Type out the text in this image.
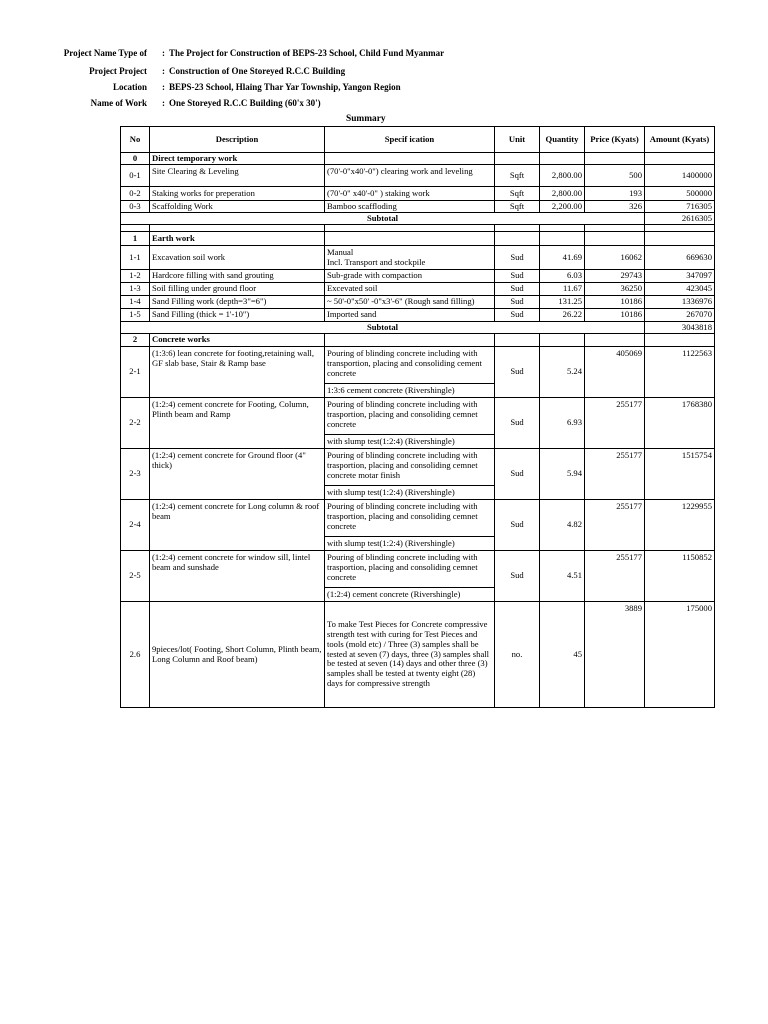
Project Name Type of : The Project for Construction of BEPS-23 School, Child Fund Myanmar
Project Project : Construction of One Storeyed R.C.C Building
Location : BEPS-23 School, Hlaing Thar Yar Township, Yangon Region
Name of Work : One Storeyed R.C.C Building (60'x 30')
Summary
No	Description	Specif ication	Unit	Quantity	Price (Kyats)	Amount (Kyats)
0	Direct temporary work					
0-1	Site Clearing & Leveling	(70'-0"x40'-0") clearing work and leveling	Sqft	2,800.00	500	1400000
0-2	Staking works for preperation	(70'-0" x40'-0" ) staking work	Sqft	2,800.00	193	500000
0-3	Scaffolding Work	Bamboo scaffloding	Sqft	2,200.00	326	716305
Subtotal						2616305

1	Earth work					
1-1	Excavation soil work	Manual
Incl. Transport and stockpile	Sud	41.69	16062	669630
1-2	Hardcore filling with sand grouting	Sub-grade with compaction	Sud	6.03	29743	347097
1-3	Soil filling under ground floor	Excevated soil	Sud	11.67	36250	423045
1-4	Sand Filling work (depth=3"=6")	~ 50'-0"x50' -0"x3'-6" (Rough sand filling)	Sud	131.25	10186	1336976
1-5	Sand Filling (thick = 1'-10")	Imported sand	Sud	26.22	10186	267070
Subtotal						3043818
2	Concrete works					
2-1	(1:3:6) lean concrete for footing,retaining wall, GF slab base, Stair & Ramp base	Pouring of blinding concrete including with transportion, placing and consoliding cement concrete	Sud	5.24	405069	1122563
		1:3:6 cement concrete (Rivershingle)				
2-2	(1:2:4) cement concrete for Footing, Column, Plinth beam and Ramp	Pouring of blinding concrete including with trasportion, placing and consoliding cemnet concrete	Sud	6.93	255177	1768380
		with slump test(1:2:4) (Rivershingle)				
2-3	(1:2:4) cement concrete for Ground floor (4" thick)	Pouring of blinding concrete including with trasportion, placing and consoliding cemnet concrete motar finish	Sud	5.94	255177	1515754
		with slump test(1:2:4) (Rivershingle)				
2-4	(1:2:4) cement concrete for Long column & roof beam	Pouring of blinding concrete including with trasportion, placing and consoliding cemnet concrete	Sud	4.82	255177	1229955
		with slump test(1:2:4) (Rivershingle)				
2-5	(1:2:4) cement concrete for window sill, lintel beam and sunshade	Pouring of blinding concrete including with trasportion, placing and consoliding cemnet concrete	Sud	4.51	255177	1150852
		(1:2:4) cement concrete (Rivershingle)				
2.6	9pieces/lot( Footing, Short Column, Plinth beam, Long Column and Roof beam)	To make Test Pieces for Concrete compressive strength test with curing for Test Pieces and tools (mold etc) / Three (3) samples shall be tested at seven (7) days, three (3) samples shall be tested at seven (14) days and other three (3) samples shall be tested at twenty eight (28) days for compressive strength	no.	45	3889	175000
